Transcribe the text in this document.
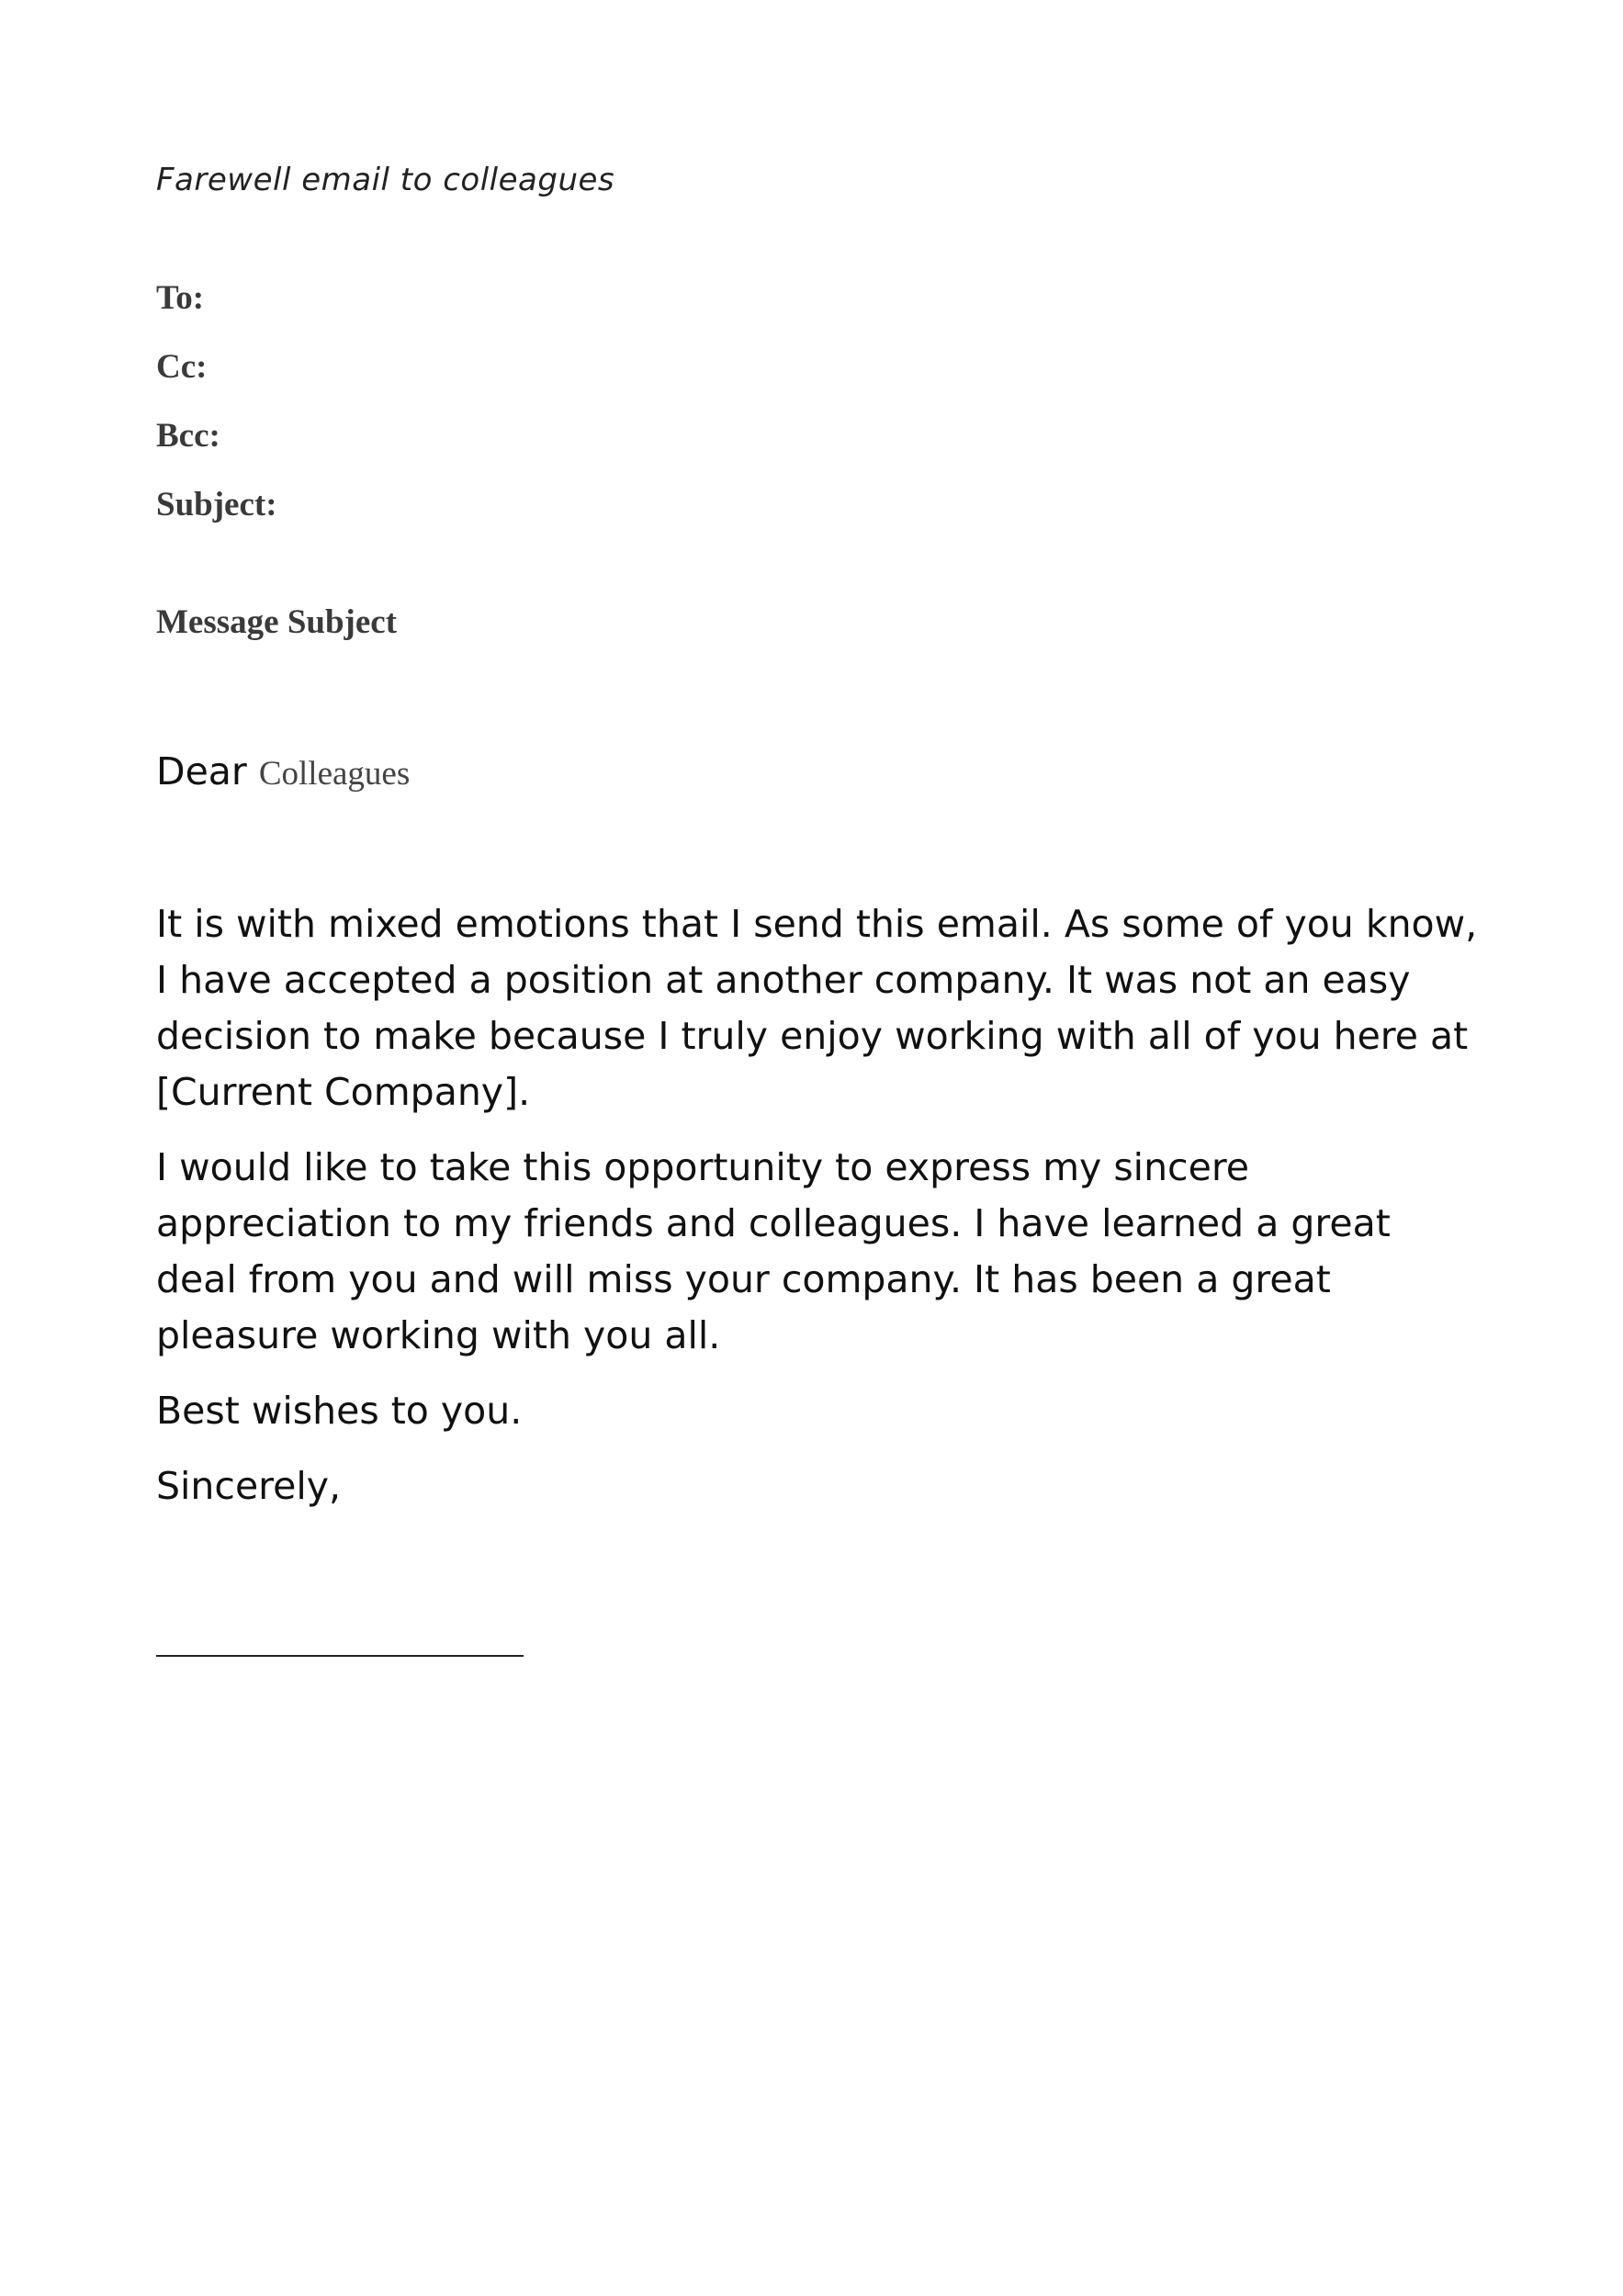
Farewell email to colleagues
To:
Cc:
Bcc:
Subject:
Message Subject
Dear Colleagues

It is with mixed emotions that I send this email. As some of you know, I have accepted a position at another company. It was not an easy decision to make because I truly enjoy working with all of you here at [Current Company].

I would like to take this opportunity to express my sincere appreciation to my friends and colleagues. I have learned a great deal from you and will miss your company. It has been a great pleasure working with you all.

Best wishes to you.

Sincerely,
